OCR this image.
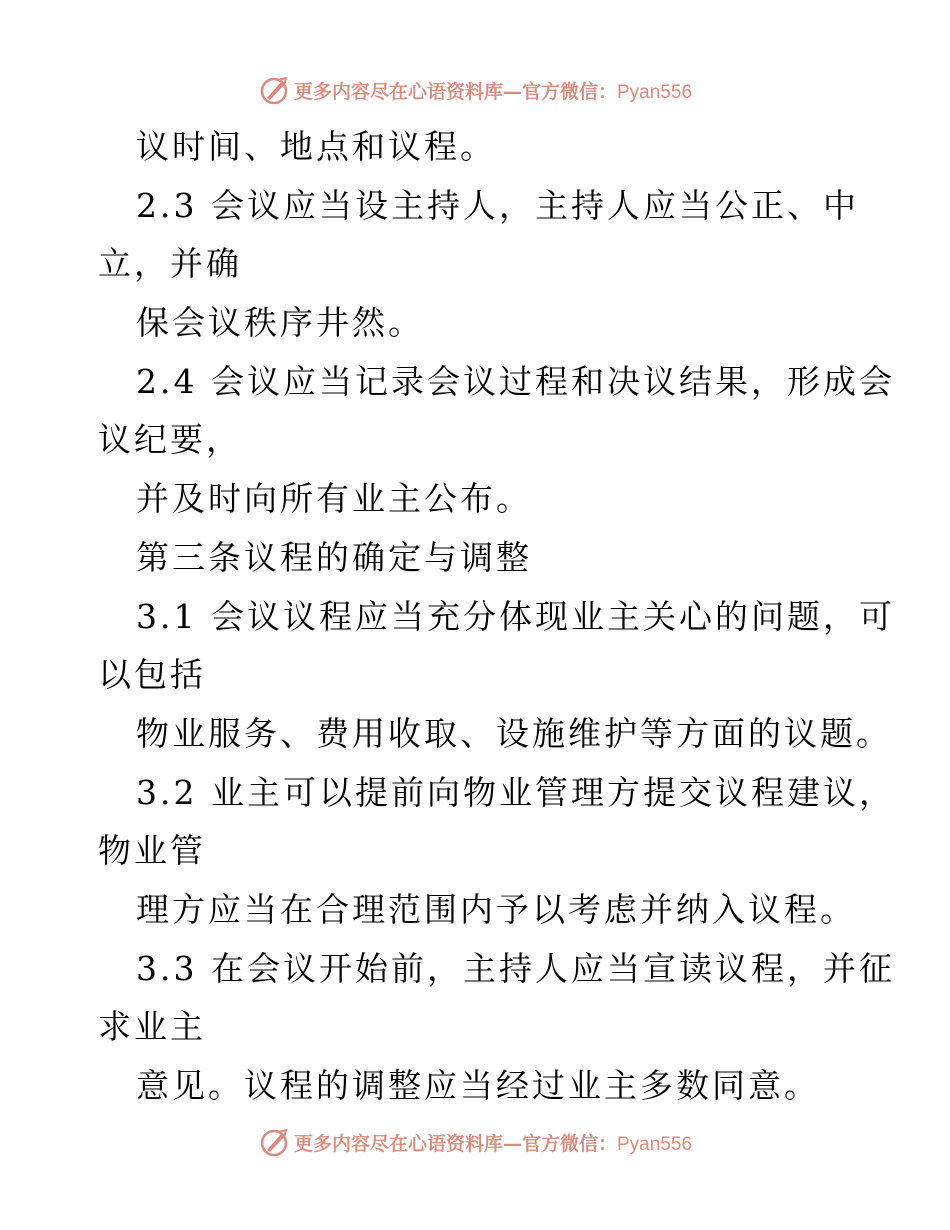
更多内容尽在心语资料库—官方微信：Pyan556
议时间、地点和议程。
2.3 会议应当设主持人，主持人应当公正、中
立，并确
保会议秩序井然。
2.4 会议应当记录会议过程和决议结果，形成会
议纪要，
并及时向所有业主公布。
第三条议程的确定与调整
3.1 会议议程应当充分体现业主关心的问题，可
以包括
物业服务、费用收取、设施维护等方面的议题。
3.2 业主可以提前向物业管理方提交议程建议，
物业管
理方应当在合理范围内予以考虑并纳入议程。
3.3 在会议开始前，主持人应当宣读议程，并征
求业主
意见。议程的调整应当经过业主多数同意。
更多内容尽在心语资料库—官方微信：Pyan556
